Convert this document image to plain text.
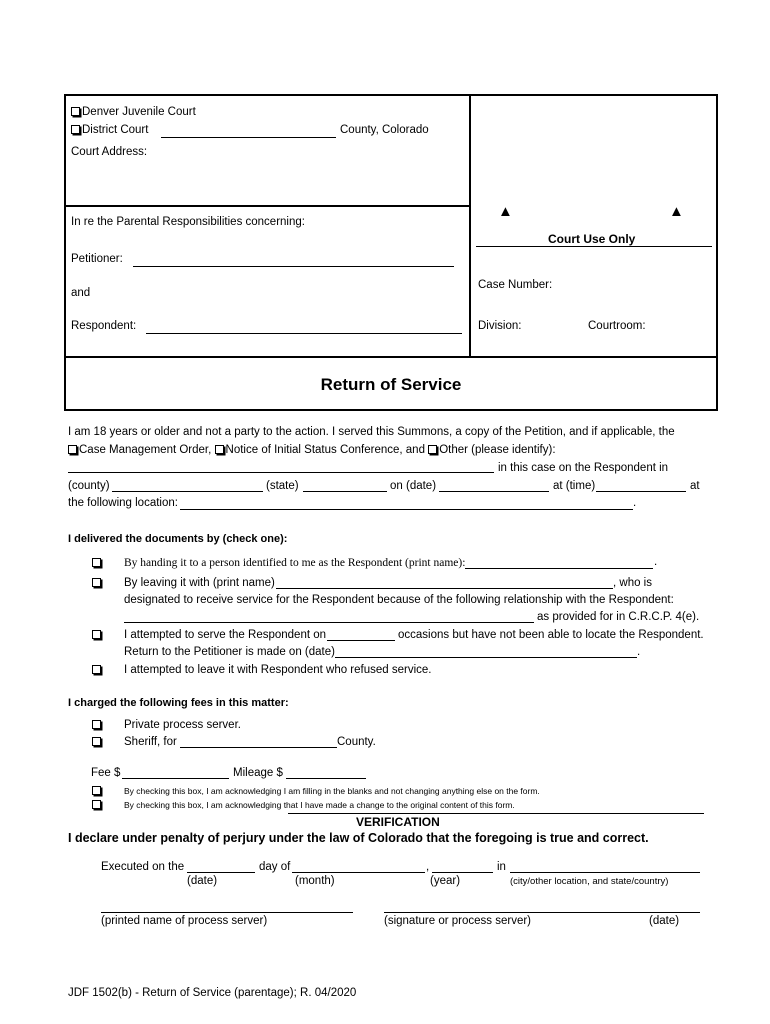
Denver Juvenile Court
District Court	County, Colorado
Court Address:
In re the Parental Responsibilities concerning:
Petitioner:
and
Respondent:
▲	▲
Court Use Only
Case Number:
Division:	Courtroom:
Return of Service
I am 18 years or older and not a party to the action. I served this Summons, a copy of the Petition, and if applicable, the
Case Management Order, Notice of Initial Status Conference, and Other (please identify):
in this case on the Respondent in
(county)	(state)	on (date)	at (time)	at
the following location:	.
I delivered the documents by (check one):
By handing it to a person identified to me as the Respondent (print name):	.
By leaving it with (print name)	, who is
designated to receive service for the Respondent because of the following relationship with the Respondent:
as provided for in C.R.C.P. 4(e).
I attempted to serve the Respondent on	occasions but have not been able to locate the Respondent.
Return to the Petitioner is made on (date)	.
I attempted to leave it with Respondent who refused service.
I charged the following fees in this matter:
Private process server.
Sheriff, for	County.
Fee $	Mileage $
By checking this box, I am acknowledging I am filling in the blanks and not changing anything else on the form.
By checking this box, I am acknowledging that I have made a change to the original content of this form.
VERIFICATION
I declare under penalty of perjury under the law of Colorado that the foregoing is true and correct.
Executed on the	day of	,	in
(date)	(month)	(year)	(city/other location, and state/country)
(printed name of process server)	(signature or process server)	(date)
JDF 1502(b) - Return of Service (parentage); R. 04/2020
